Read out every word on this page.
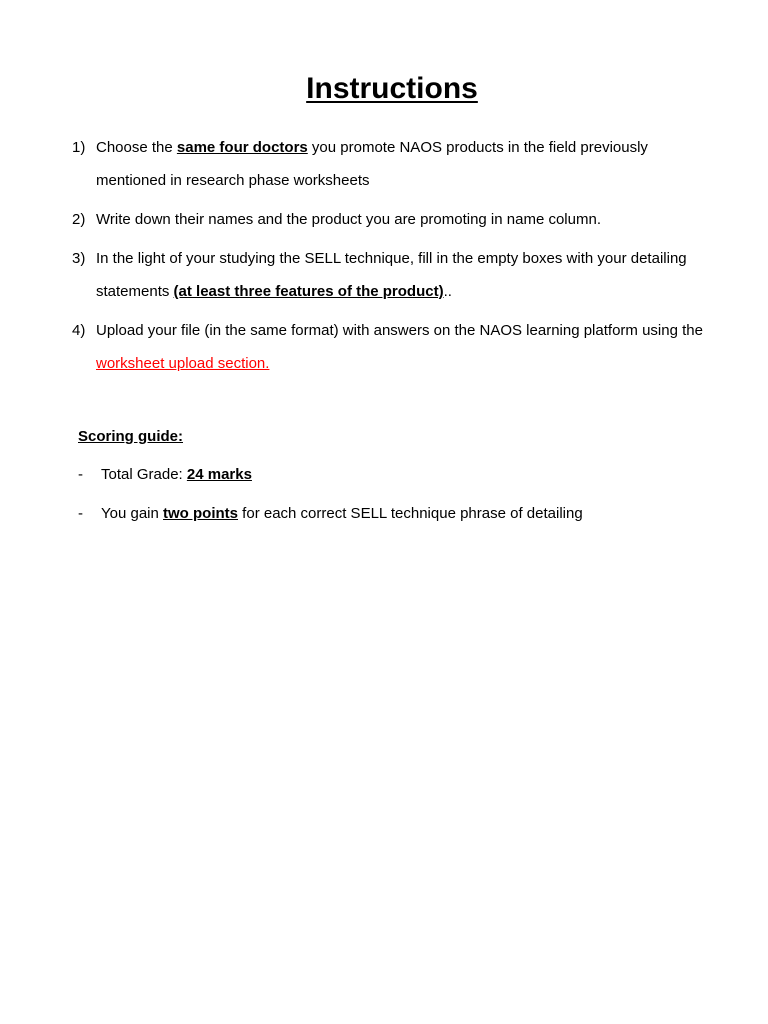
Instructions
1) Choose the same four doctors you promote NAOS products in the field previously mentioned in research phase worksheets
2) Write down their names and the product you are promoting in name column.
3) In the light of your studying the SELL technique, fill in the empty boxes with your detailing statements (at least three features of the product)..
4) Upload your file (in the same format) with answers on the NAOS learning platform using the worksheet upload section.
Scoring guide:
- Total Grade: 24 marks
- You gain two points for each correct SELL technique phrase of detailing
